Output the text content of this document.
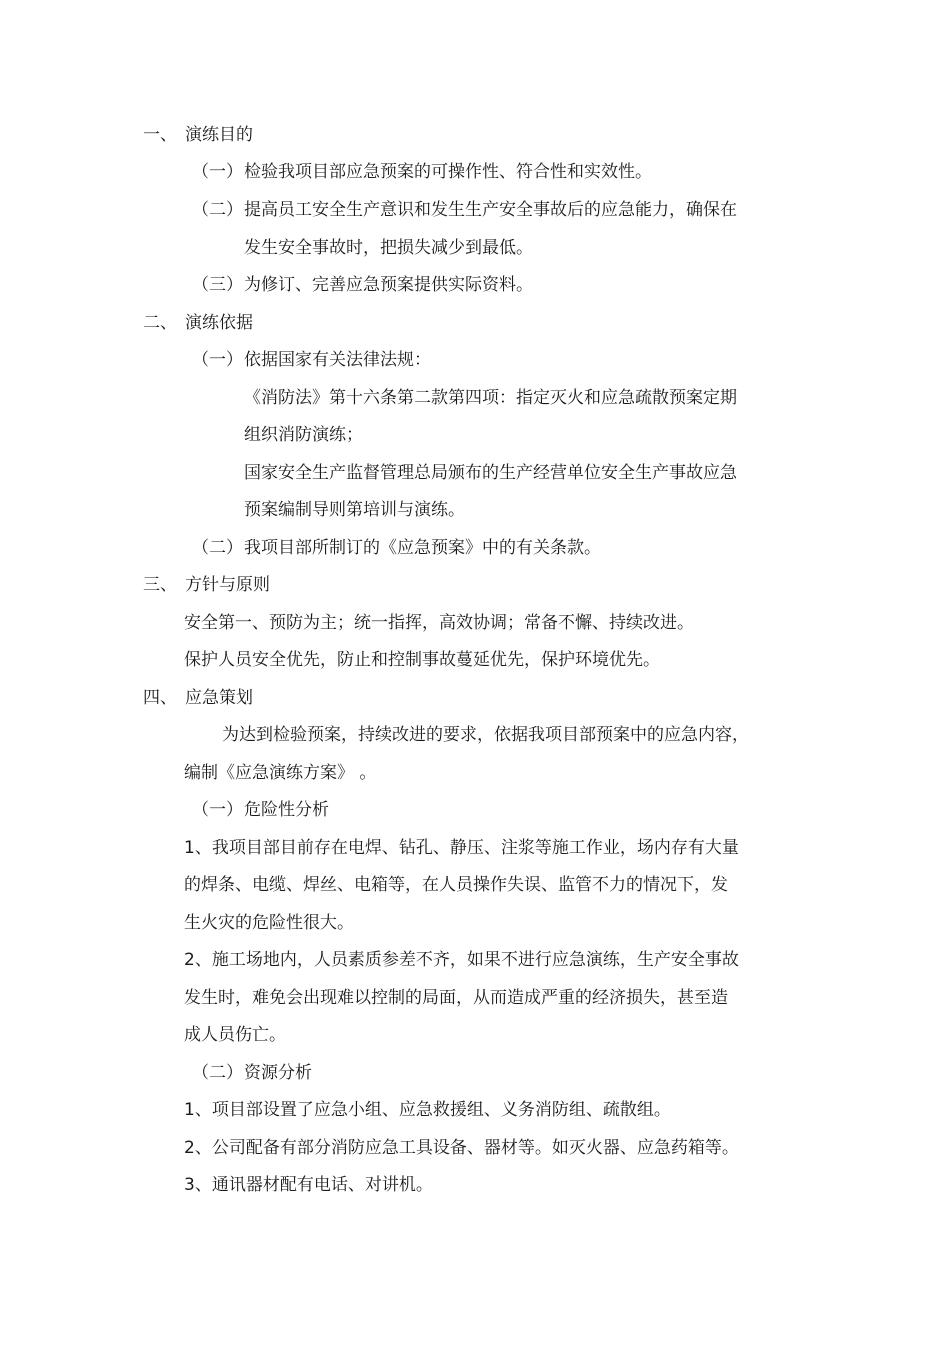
一、 演练目的
（一）检验我项目部应急预案的可操作性、符合性和实效性。
（二）提高员工安全生产意识和发生生产安全事故后的应急能力，确保在
发生安全事故时，把损失减少到最低。
（三）为修订、完善应急预案提供实际资料。
二、 演练依据
（一）依据国家有关法律法规：
《消防法》第十六条第二款第四项：指定灭火和应急疏散预案定期
组织消防演练；
国家安全生产监督管理总局颁布的生产经营单位安全生产事故应急
预案编制导则第培训与演练。
（二）我项目部所制订的《应急预案》中的有关条款。
三、 方针与原则
安全第一、预防为主；统一指挥，高效协调；常备不懈、持续改进。
保护人员安全优先，防止和控制事故蔓延优先，保护环境优先。
四、 应急策划
为达到检验预案，持续改进的要求，依据我项目部预案中的应急内容，
编制《应急演练方案》 。
（一）危险性分析
1、我项目部目前存在电焊、钻孔、静压、注浆等施工作业，场内存有大量
的焊条、电缆、焊丝、电箱等，在人员操作失误、监管不力的情况下，发
生火灾的危险性很大。
2、施工场地内，人员素质参差不齐，如果不进行应急演练，生产安全事故
发生时，难免会出现难以控制的局面，从而造成严重的经济损失，甚至造
成人员伤亡。
（二）资源分析
1、项目部设置了应急小组、应急救援组、义务消防组、疏散组。
2、公司配备有部分消防应急工具设备、器材等。如灭火器、应急药箱等。
3、通讯器材配有电话、对讲机。
